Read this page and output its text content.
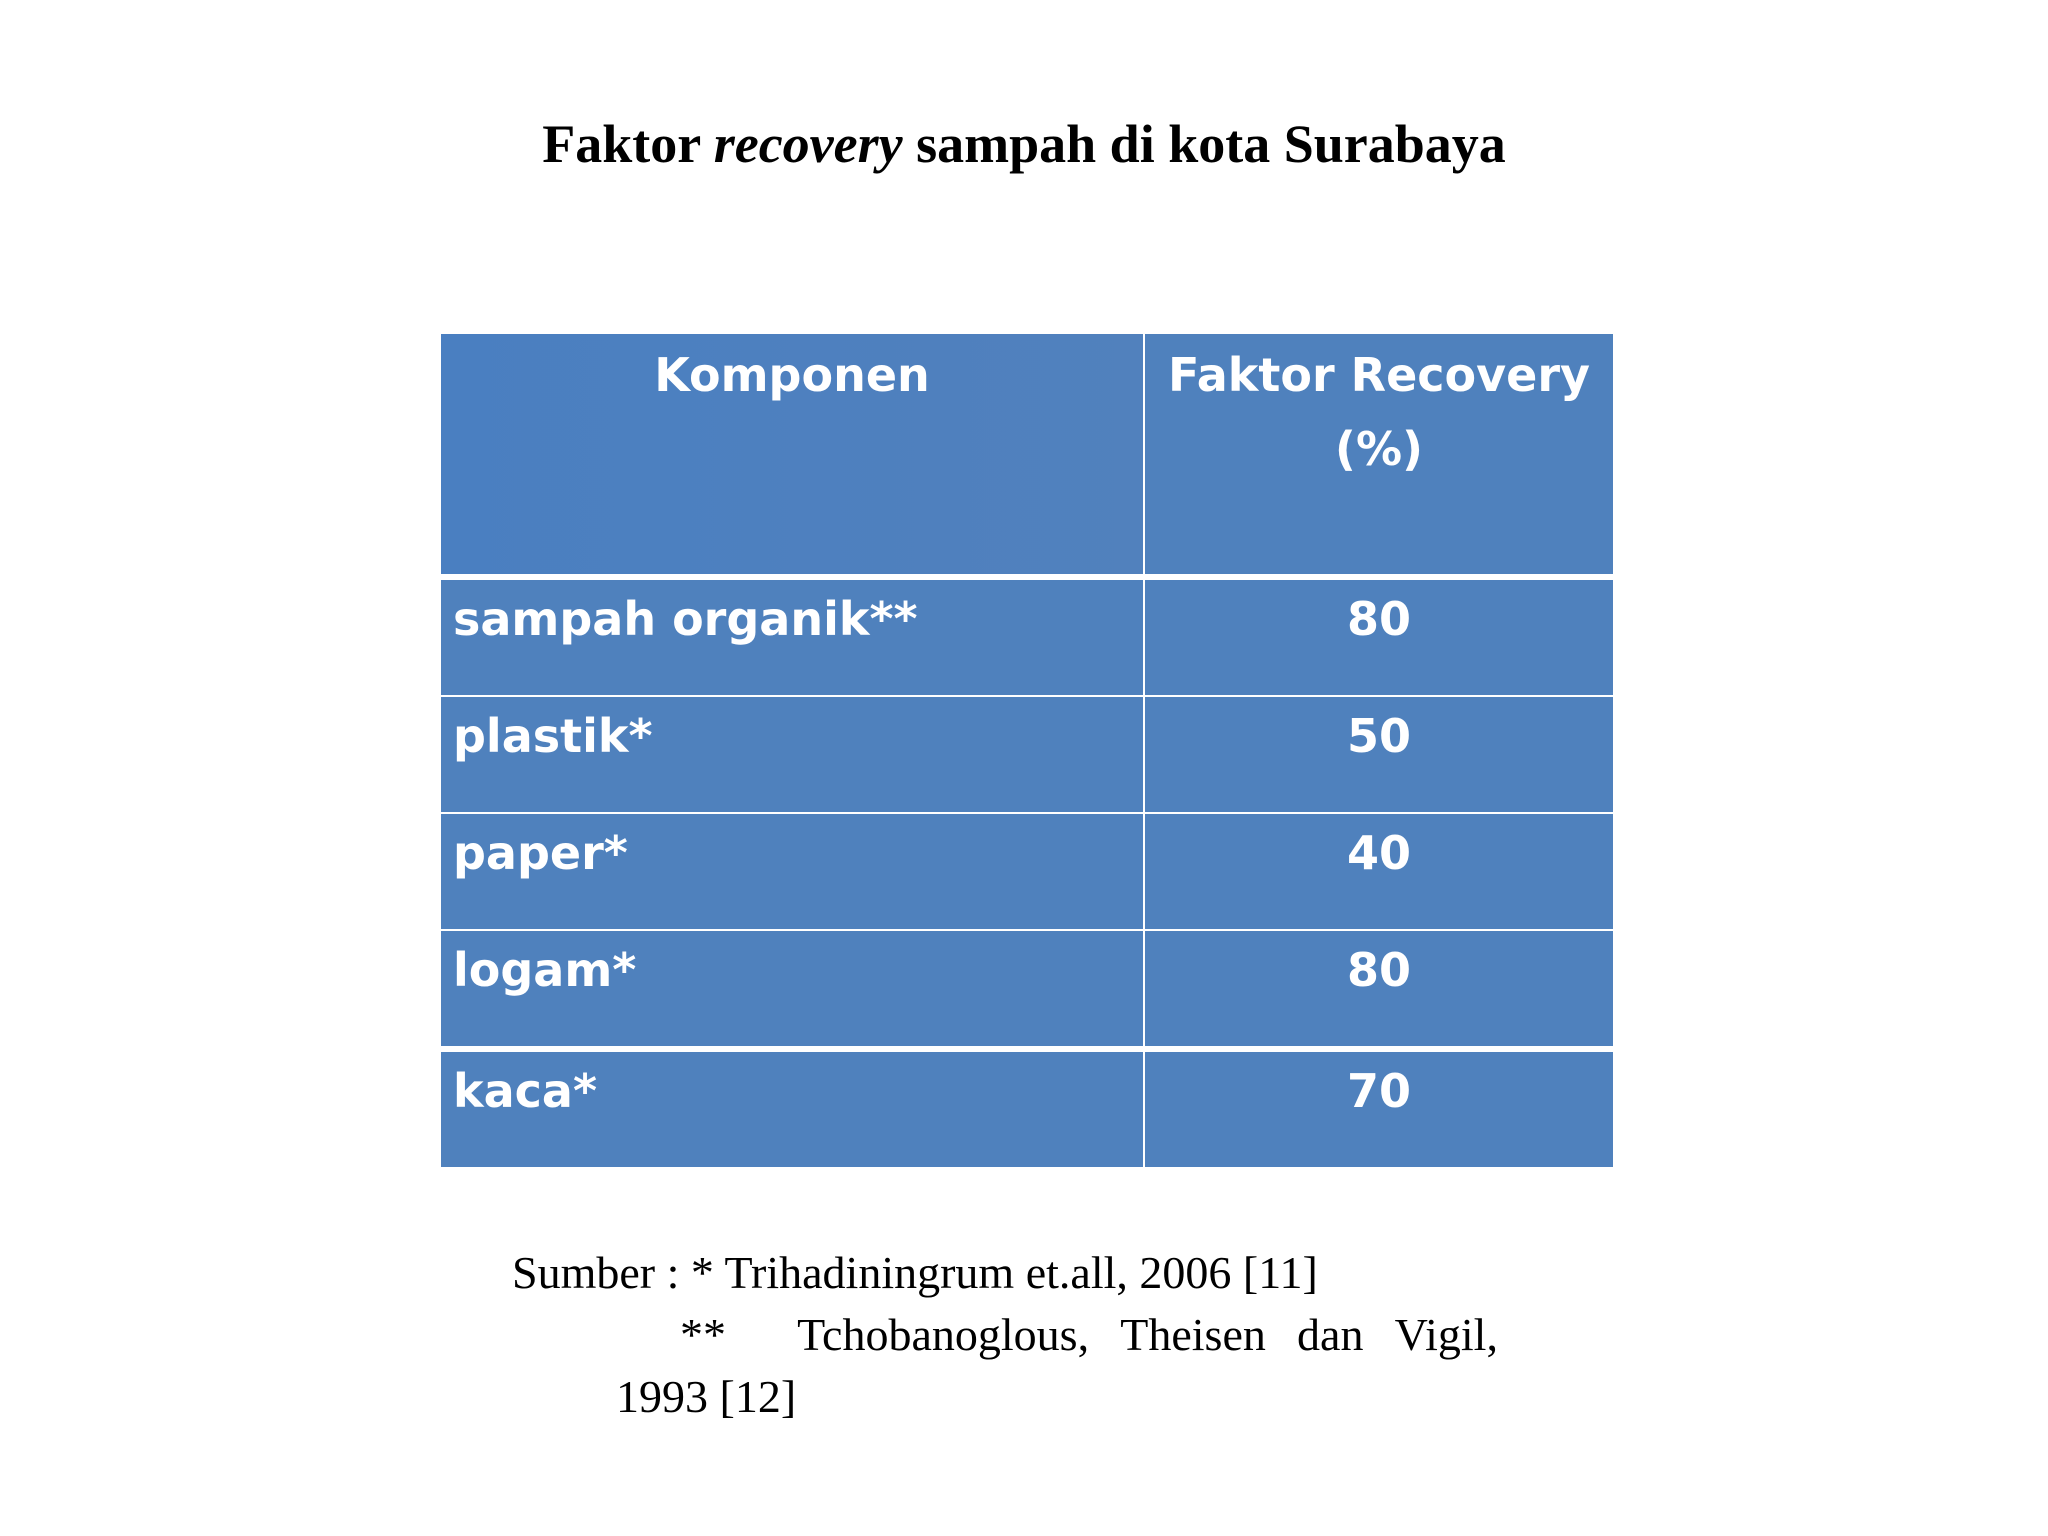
Faktor recovery sampah di kota Surabaya
Komponen	Faktor Recovery
(%)

sampah organik**	80
plastik*	50
paper*	40
logam*	80
kaca*	70
Sumber : * Trihadiningrum et.all, 2006 [11]
** Tchobanoglous, Theisen dan Vigil,
1993 [12]
